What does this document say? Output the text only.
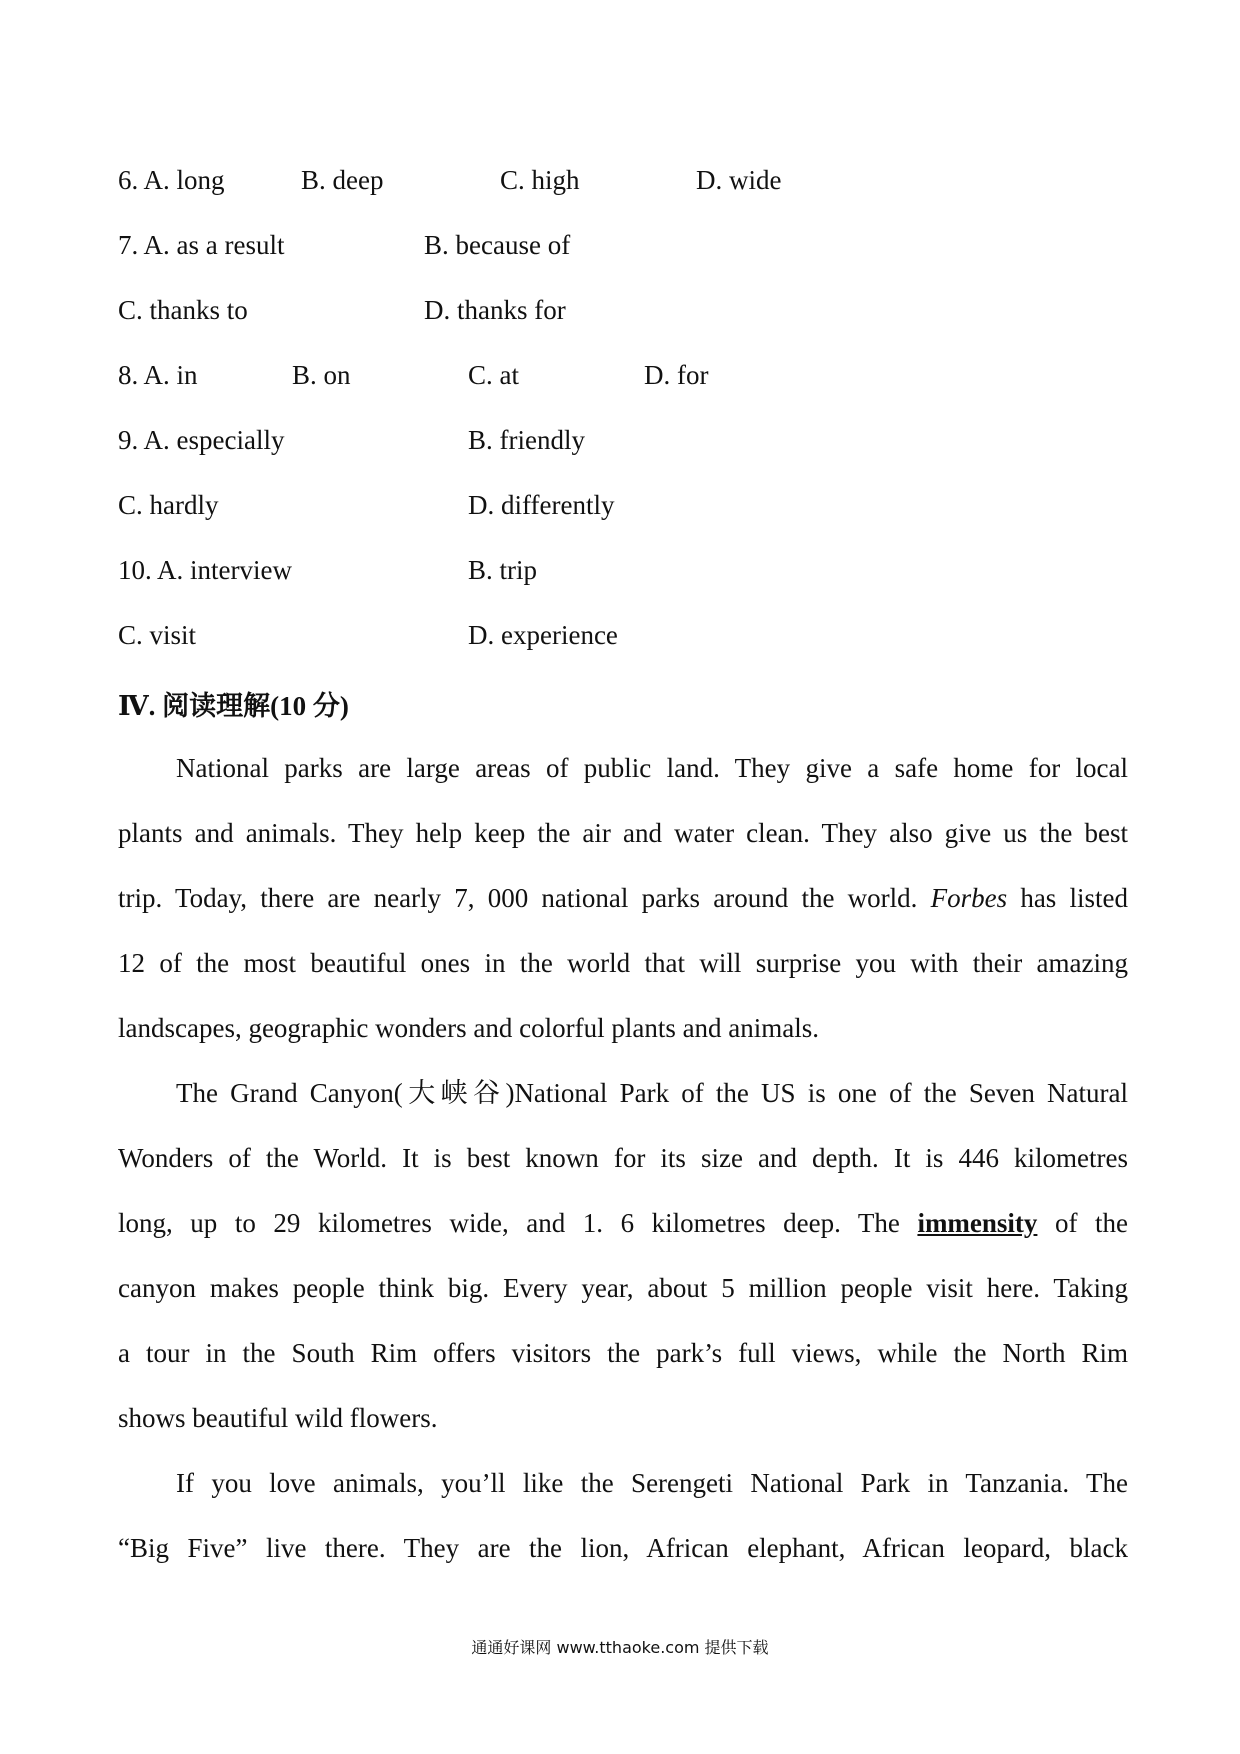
6. A. long	B. deep	C. high	D. wide
7. A. as a result	B. because of
C. thanks to	D. thanks for
8. A. in	B. on	C. at	D. for
9. A. especially	B. friendly
C. hardly	D. differently
10. A. interview	B. trip
C. visit	D. experience
Ⅳ. 阅读理解(10 分)
National parks are large areas of public land. They give a safe home for local
plants and animals. They help keep the air and water clean. They also give us the best
trip. Today, there are nearly 7, 000 national parks around the world. Forbes has listed
12 of the most beautiful ones in the world that will surprise you with their amazing
landscapes, geographic wonders and colorful plants and animals.
The Grand Canyon(大峡谷)National Park of the US is one of the Seven Natural
Wonders of the World. It is best known for its size and depth. It is 446 kilometres
long, up to 29 kilometres wide, and 1. 6 kilometres deep. The immensity of the
canyon makes people think big. Every year, about 5 million people visit here. Taking
a tour in the South Rim offers visitors the park’s full views, while the North Rim
shows beautiful wild flowers.
If you love animals, you’ll like the Serengeti National Park in Tanzania. The
“Big Five” live there. They are the lion, African elephant, African leopard, black
通通好课网 www.tthaoke.com 提供下载
